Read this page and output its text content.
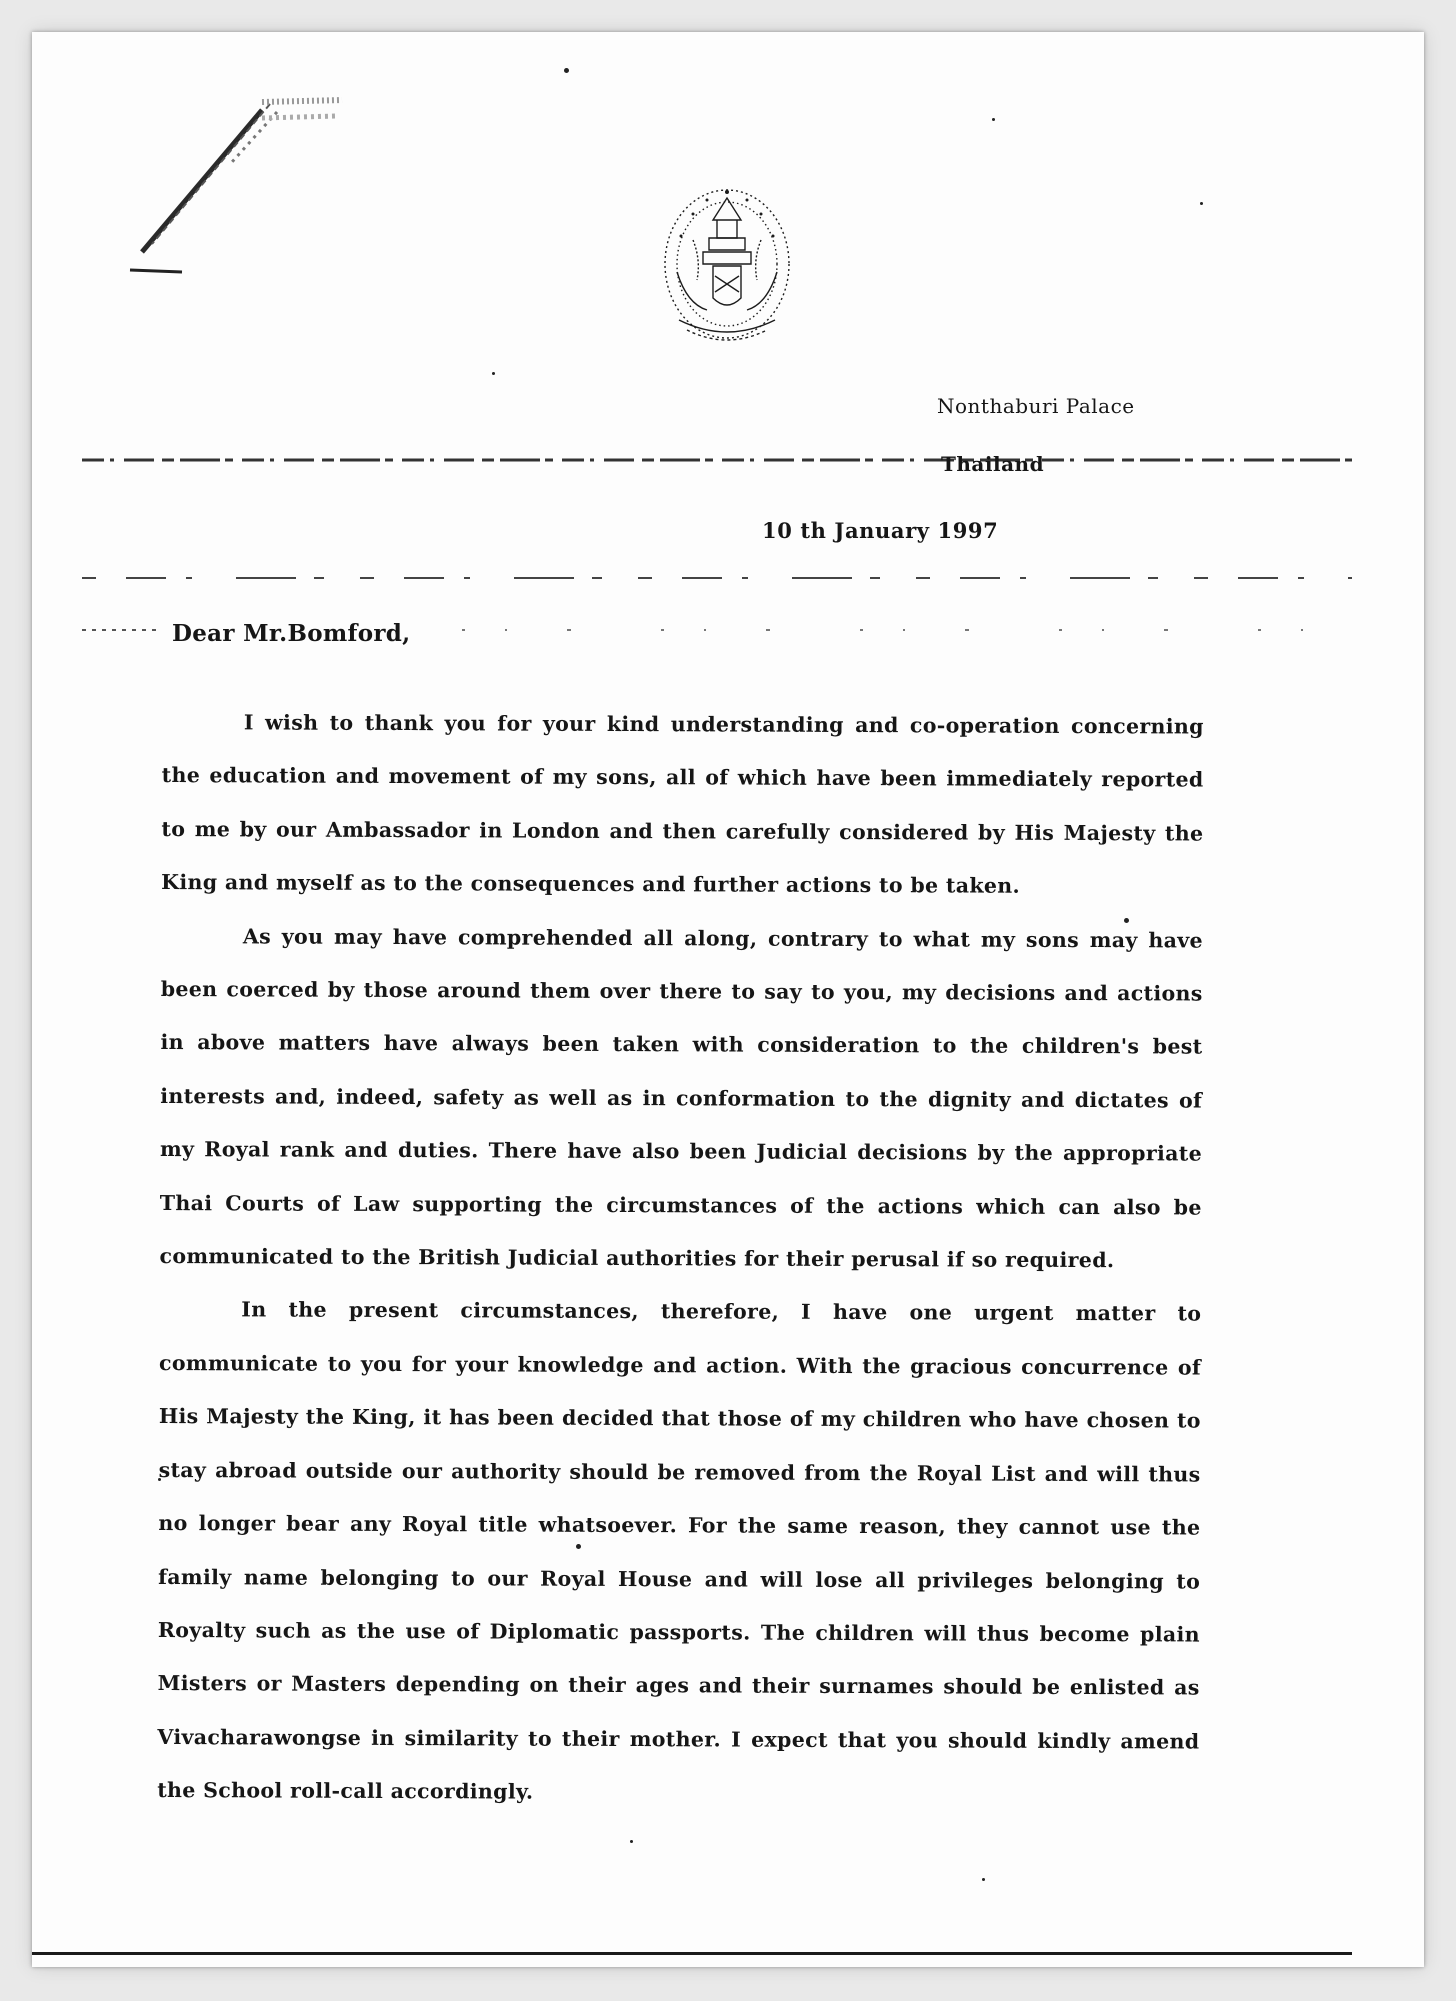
Nonthaburi Palace
Thailand
10 th January 1997
Dear Mr.Bomford,

I wish to thank you for your kind understanding and co-operation concerning the education and movement of my sons, all of which have been immediately reported to me by our Ambassador in London and then carefully considered by His Majesty the King and myself as to the consequences and further actions to be taken.

As you may have comprehended all along, contrary to what my sons may have been coerced by those around them over there to say to you, my decisions and actions in above matters have always been taken with consideration to the children's best interests and, indeed, safety as well as in conformation to the dignity and dictates of my Royal rank and duties. There have also been Judicial decisions by the appropriate Thai Courts of Law supporting the circumstances of the actions which can also be communicated to the British Judicial authorities for their perusal if so required.

In the present circumstances, therefore, I have one urgent matter to communicate to you for your knowledge and action. With the gracious concurrence of His Majesty the King, it has been decided that those of my children who have chosen to stay abroad outside our authority should be removed from the Royal List and will thus no longer bear any Royal title whatsoever. For the same reason, they cannot use the family name belonging to our Royal House and will lose all privileges belonging to Royalty such as the use of Diplomatic passports. The children will thus become plain Misters or Masters depending on their ages and their surnames should be enlisted as Vivacharawongse in similarity to their mother. I expect that you should kindly amend the School roll-call accordingly.
